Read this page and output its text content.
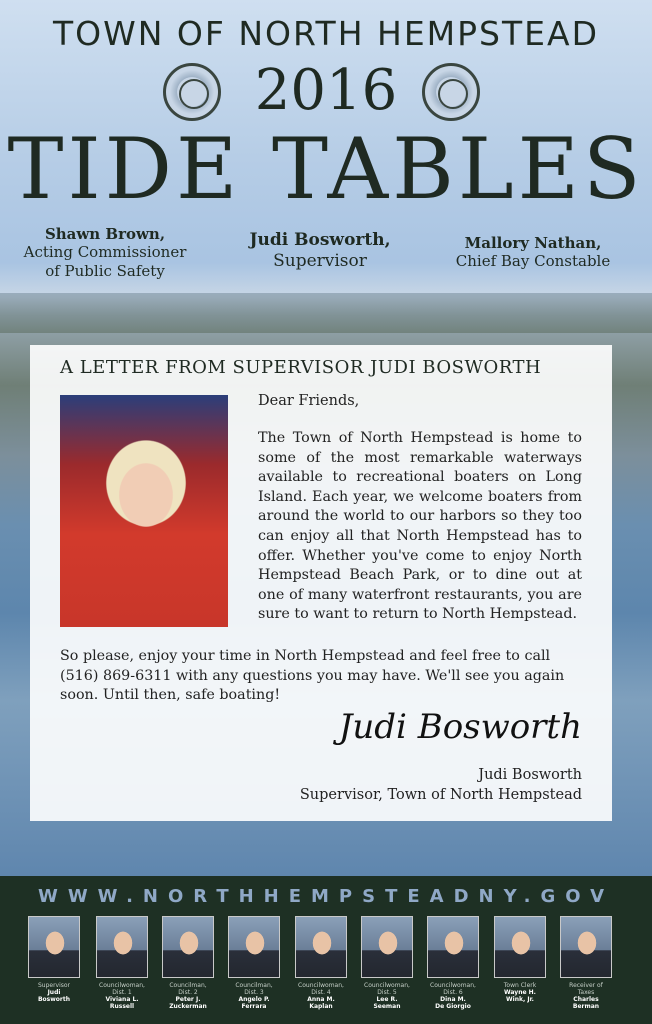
TOWN OF NORTH HEMPSTEAD
2016
TIDE TABLES
Shawn Brown,
Acting Commissioner
of Public Safety
Judi Bosworth,
Supervisor
Mallory Nathan,
Chief Bay Constable
A LETTER FROM SUPERVISOR JUDI BOSWORTH
Dear Friends,
The Town of North Hempstead is home to some of the most remarkable waterways available to recreational boaters on Long Island. Each year, we welcome boaters from around the world to our harbors so they too can enjoy all that North Hempstead has to offer. Whether you've come to enjoy North Hempstead Beach Park, or to dine out at one of many waterfront restaurants, you are sure to want to return to North Hempstead.
So please, enjoy your time in North Hempstead and feel free to call (516) 869-6311 with any questions you may have. We'll see you again soon. Until then, safe boating!
Judi Bosworth
Judi Bosworth
Supervisor, Town of North Hempstead
WWW.NORTHHEMPSTEADNY.GOV
Supervisor
Judi
Bosworth
Councilwoman, Dist. 1
Viviana L.
Russell
Councilman, Dist. 2
Peter J.
Zuckerman
Councilman, Dist. 3
Angelo P.
Ferrara
Councilwoman, Dist. 4
Anna M.
Kaplan
Councilwoman, Dist. 5
Lee R.
Seeman
Councilwoman, Dist. 6
Dina M.
De Giorgio
Town Clerk
Wayne H.
Wink, Jr.
Receiver of Taxes
Charles
Berman
